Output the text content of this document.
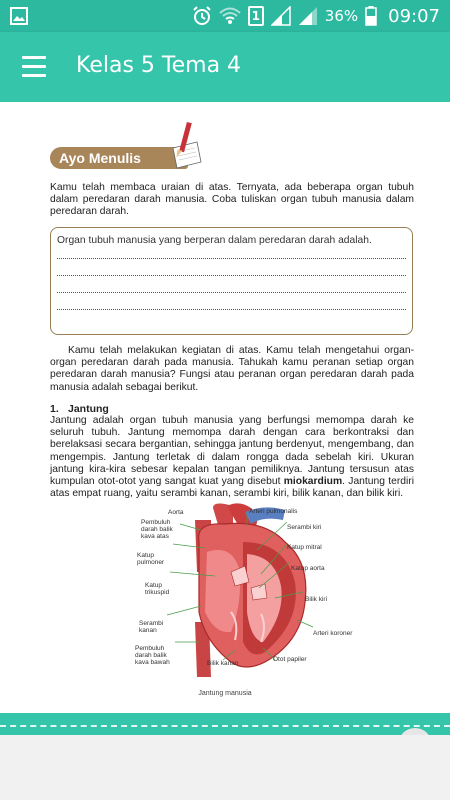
1	36% 09:07
Kelas 5 Tema 4
Ayo Menulis

Kamu telah membaca uraian di atas. Ternyata, ada beberapa organ tubuh dalam peredaran darah manusia. Coba tuliskan organ tubuh manusia dalam peredaran darah.

Organ tubuh manusia yang berperan dalam peredaran darah adalah.

Kamu telah melakukan kegiatan di atas. Kamu telah mengetahui organ-organ peredaran darah pada manusia. Tahukah kamu peranan setiap organ peredaran darah manusia? Fungsi atau peranan organ peredaran darah pada manusia adalah sebagai berikut.

1. Jantung

Jantung adalah organ tubuh manusia yang berfungsi memompa darah ke seluruh tubuh. Jantung memompa darah dengan cara berkontraksi dan berelaksasi secara bergantian, sehingga jantung berdenyut, mengembang, dan mengempis. Jantung terletak di dalam rongga dada sebelah kiri. Ukuran jantung kira-kira sebesar kepalan tangan pemiliknya. Jantung tersusun atas kumpulan otot-otot yang sangat kuat yang disebut miokardium. Jantung terdiri atas empat ruang, yaitu serambi kanan, serambi kiri, bilik kanan, dan bilik kiri.

Aorta
Pembuluh darah balik kava atas
Katup pulmoner
Katup trikuspid
Serambi kanan
Pembuluh darah balik kava bawah	Bilik kanan
Arteri pulmonalis
Serambi kiri
Katup mitral
Katup aorta
Bilik kiri
Arteri koroner
Otot papiler
Jantung manusia
